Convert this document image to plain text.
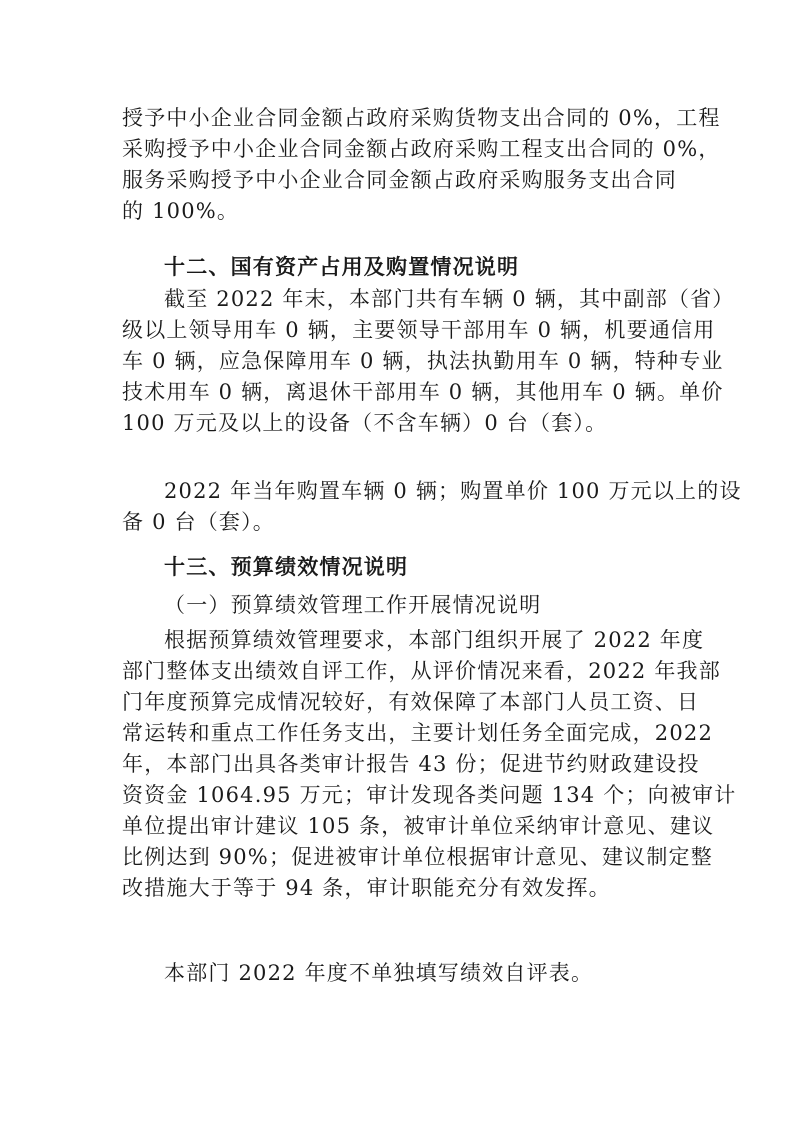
授予中小企业合同金额占政府采购货物支出合同的 0%，工程
采购授予中小企业合同金额占政府采购工程支出合同的 0%，
服务采购授予中小企业合同金额占政府采购服务支出合同
的 100%。
十二、国有资产占用及购置情况说明
截至 2022 年末，本部门共有车辆 0 辆，其中副部（省）
级以上领导用车 0 辆，主要领导干部用车 0 辆，机要通信用
车 0 辆，应急保障用车 0 辆，执法执勤用车 0 辆，特种专业
技术用车 0 辆，离退休干部用车 0 辆，其他用车 0 辆。单价
100 万元及以上的设备（不含车辆）0 台（套）。
2022 年当年购置车辆 0 辆；购置单价 100 万元以上的设
备 0 台（套）。
十三、预算绩效情况说明
（一）预算绩效管理工作开展情况说明
根据预算绩效管理要求，本部门组织开展了 2022 年度
部门整体支出绩效自评工作，从评价情况来看，2022 年我部
门年度预算完成情况较好，有效保障了本部门人员工资、日
常运转和重点工作任务支出，主要计划任务全面完成，2022
年，本部门出具各类审计报告 43 份；促进节约财政建设投
资资金 1064.95 万元；审计发现各类问题 134 个；向被审计
单位提出审计建议 105 条，被审计单位采纳审计意见、建议
比例达到 90%；促进被审计单位根据审计意见、建议制定整
改措施大于等于 94 条，审计职能充分有效发挥。
本部门 2022 年度不单独填写绩效自评表。
